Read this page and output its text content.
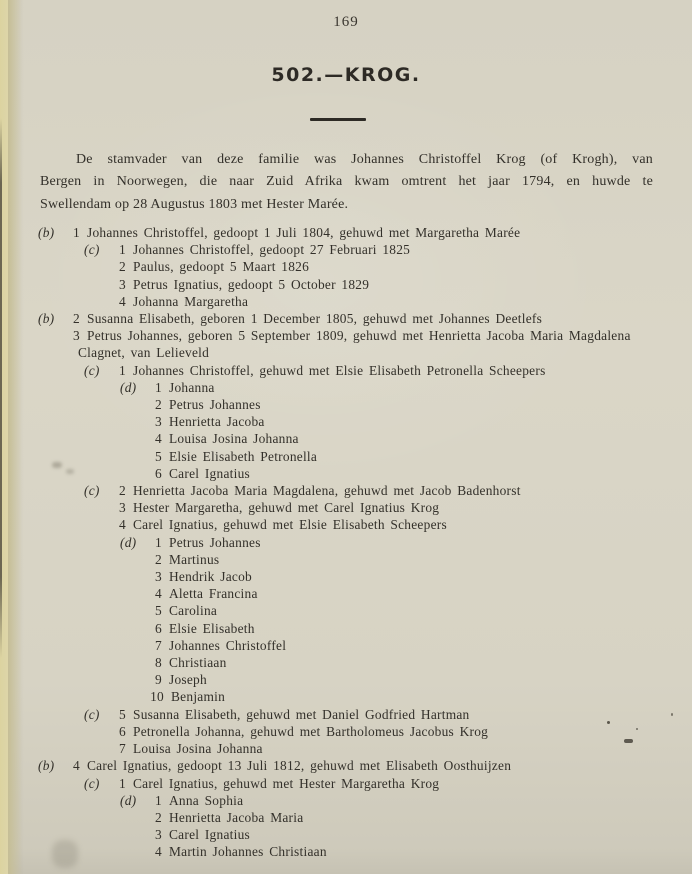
169
502.—KROG.
De stamvader van deze familie was Johannes Christoffel Krog (of Krogh), van
Bergen in Noorwegen, die naar Zuid Afrika kwam omtrent het jaar 1794, en huwde te
Swellendam op 28 Augustus 1803 met Hester Marée.
(b)	1 Johannes Christoffel, gedoopt 1 Juli 1804, gehuwd met Margaretha Marée
(c)	1 Johannes Christoffel, gedoopt 27 Februari 1825
2 Paulus, gedoopt 5 Maart 1826
3 Petrus Ignatius, gedoopt 5 October 1829
4 Johanna Margaretha
(b)	2 Susanna Elisabeth, geboren 1 December 1805, gehuwd met Johannes Deetlefs
3 Petrus Johannes, geboren 5 September 1809, gehuwd met Henrietta Jacoba Maria Magdalena
Clagnet, van Lelieveld
(c)	1 Johannes Christoffel, gehuwd met Elsie Elisabeth Petronella Scheepers
(d)	1 Johanna
2 Petrus Johannes
3 Henrietta Jacoba
4 Louisa Josina Johanna
5 Elsie Elisabeth Petronella
6 Carel Ignatius
(c)	2 Henrietta Jacoba Maria Magdalena, gehuwd met Jacob Badenhorst
3 Hester Margaretha, gehuwd met Carel Ignatius Krog
4 Carel Ignatius, gehuwd met Elsie Elisabeth Scheepers
(d)	1 Petrus Johannes
2 Martinus
3 Hendrik Jacob
4 Aletta Francina
5 Carolina
6 Elsie Elisabeth
7 Johannes Christoffel
8 Christiaan
9 Joseph
10 Benjamin
(c)	5 Susanna Elisabeth, gehuwd met Daniel Godfried Hartman
6 Petronella Johanna, gehuwd met Bartholomeus Jacobus Krog
7 Louisa Josina Johanna
(b)	4 Carel Ignatius, gedoopt 13 Juli 1812, gehuwd met Elisabeth Oosthuijzen
(c)	1 Carel Ignatius, gehuwd met Hester Margaretha Krog
(d)	1 Anna Sophia
2 Henrietta Jacoba Maria
3 Carel Ignatius
4 Martin Johannes Christiaan
